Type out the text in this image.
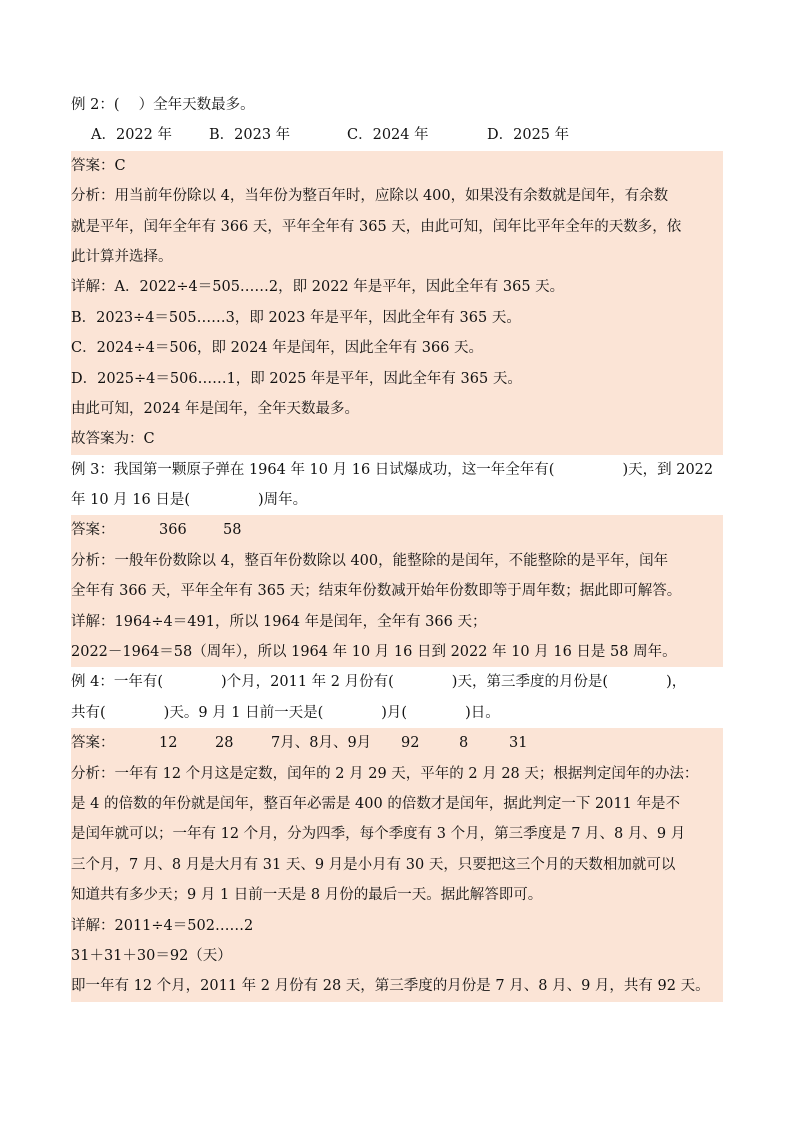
例 2：(　 ）全年天数最多。
A．2022 年	B．2023 年	C．2024 年	D．2025 年
答案：C
分析：用当前年份除以 4，当年份为整百年时，应除以 400，如果没有余数就是闰年，有余数
就是平年，闰年全年有 366 天，平年全年有 365 天，由此可知，闰年比平年全年的天数多，依
此计算并选择。
详解：A．2022÷4＝505……2，即 2022 年是平年，因此全年有 365 天。
B．2023÷4＝505……3，即 2023 年是平年，因此全年有 365 天。
C．2024÷4＝506，即 2024 年是闰年，因此全年有 366 天。
D．2025÷4＝506……1，即 2025 年是平年，因此全年有 365 天。
由此可知，2024 年是闰年，全年天数最多。
故答案为：C
例 3：我国第一颗原子弹在 1964 年 10 月 16 日试爆成功，这一年全年有(	)天，到 2022
年 10 月 16 日是(	)周年。
答案：	366	58
分析：一般年份数除以 4，整百年份数除以 400，能整除的是闰年，不能整除的是平年，闰年
全年有 366 天，平年全年有 365 天；结束年份数减开始年份数即等于周年数；据此即可解答。
详解：1964÷4＝491，所以 1964 年是闰年，全年有 366 天；
2022－1964＝58（周年），所以 1964 年 10 月 16 日到 2022 年 10 月 16 日是 58 周年。
例 4：一年有(	)个月，2011 年 2 月份有(	)天，第三季度的月份是(	)，
共有(	)天。9 月 1 日前一天是(	)月(	)日。
答案：	12	28	7月、8月、9月 92	8	31
分析：一年有 12 个月这是定数，闰年的 2 月 29 天，平年的 2 月 28 天；根据判定闰年的办法：
是 4 的倍数的年份就是闰年，整百年必需是 400 的倍数才是闰年，据此判定一下 2011 年是不
是闰年就可以；一年有 12 个月，分为四季，每个季度有 3 个月，第三季度是 7 月、8 月、9 月
三个月，7 月、8 月是大月有 31 天、9 月是小月有 30 天，只要把这三个月的天数相加就可以
知道共有多少天；9 月 1 日前一天是 8 月份的最后一天。据此解答即可。
详解：2011÷4＝502……2
31＋31＋30＝92（天）
即一年有 12 个月，2011 年 2 月份有 28 天，第三季度的月份是 7 月、8 月、9 月，共有 92 天。
